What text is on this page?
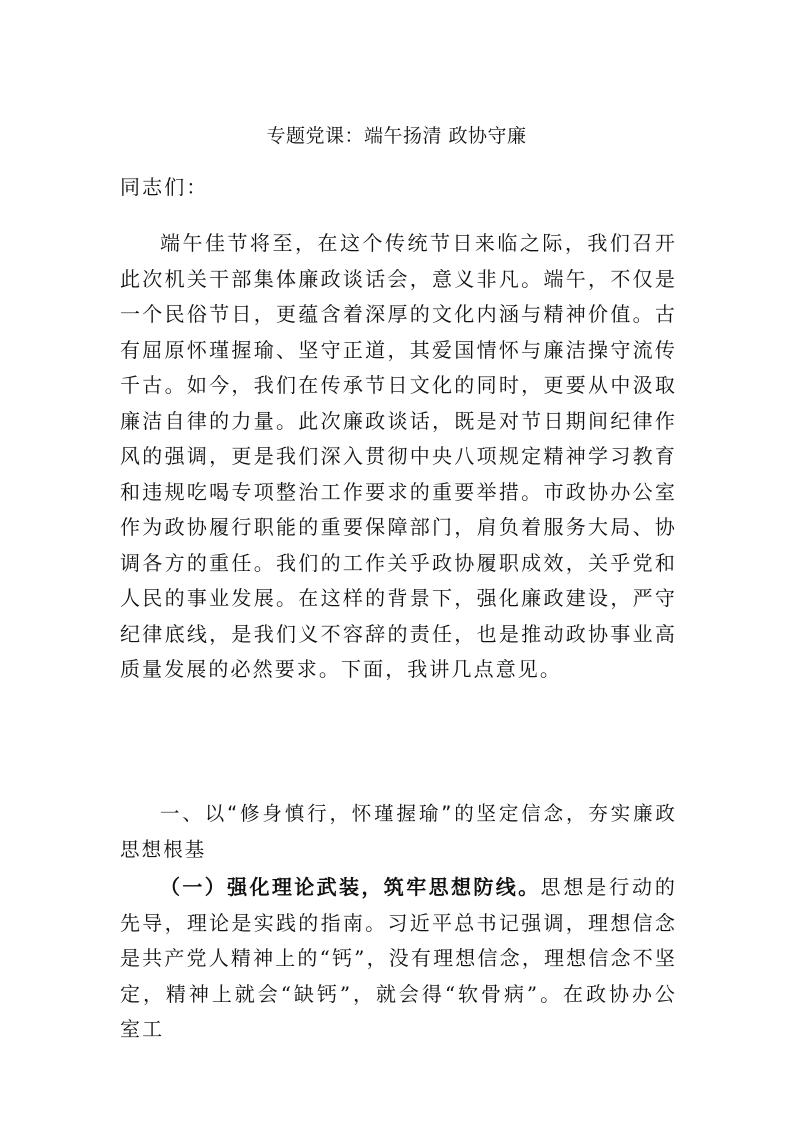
专题党课：端午扬清 政协守廉

同志们：

端午佳节将至，在这个传统节日来临之际，我们召开此次机关干部集体廉政谈话会，意义非凡。端午，不仅是一个民俗节日，更蕴含着深厚的文化内涵与精神价值。古有屈原怀瑾握瑜、坚守正道，其爱国情怀与廉洁操守流传千古。如今，我们在传承节日文化的同时，更要从中汲取廉洁自律的力量。此次廉政谈话，既是对节日期间纪律作风的强调，更是我们深入贯彻中央八项规定精神学习教育和违规吃喝专项整治工作要求的重要举措。市政协办公室作为政协履行职能的重要保障部门，肩负着服务大局、协调各方的重任。我们的工作关乎政协履职成效，关乎党和人民的事业发展。在这样的背景下，强化廉政建设，严守纪律底线，是我们义不容辞的责任，也是推动政协事业高质量发展的必然要求。下面，我讲几点意见。

一、以“修身慎行，怀瑾握瑜”的坚定信念，夯实廉政思想根基

（一）强化理论武装，筑牢思想防线。思想是行动的先导，理论是实践的指南。习近平总书记强调，理想信念是共产党人精神上的“钙”，没有理想信念，理想信念不坚定，精神上就会“缺钙”，就会得“软骨病”。在政协办公室工
